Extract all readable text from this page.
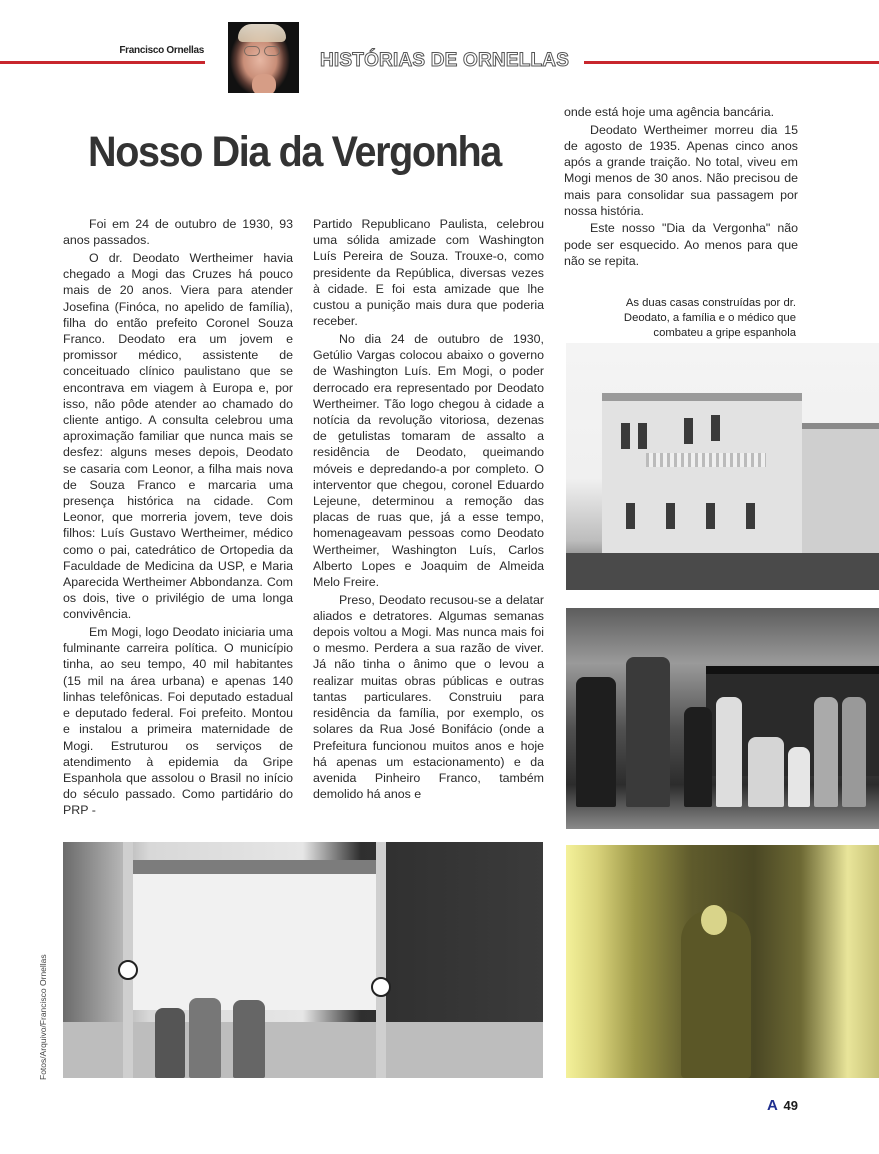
Francisco Ornellas	HISTÓRIAS DE ORNELLAS
Nosso Dia da Vergonha

Foi em 24 de outubro de 1930, 93 anos passados.

O dr. Deodato Wertheimer havia chegado a Mogi das Cruzes há pouco mais de 20 anos. Viera para atender Josefina (Finóca, no apelido de família), filha do então prefeito Coronel Souza Franco. Deodato era um jovem e promissor médico, assistente de conceituado clínico paulistano que se encontrava em viagem à Europa e, por isso, não pôde atender ao chamado do cliente antigo. A consulta celebrou uma aproximação familiar que nunca mais se desfez: alguns meses depois, Deodato se casaria com Leonor, a filha mais nova de Souza Franco e marcaria uma presença histórica na cidade. Com Leonor, que morreria jovem, teve dois filhos: Luís Gustavo Wertheimer, médico como o pai, catedrático de Ortopedia da Faculdade de Medicina da USP, e Maria Aparecida Wertheimer Abbondanza. Com os dois, tive o privilégio de uma longa convivência.

Em Mogi, logo Deodato iniciaria uma fulminante carreira política. O município tinha, ao seu tempo, 40 mil habitantes (15 mil na área urbana) e apenas 140 linhas telefônicas. Foi deputado estadual e deputado federal. Foi prefeito. Montou e instalou a primeira maternidade de Mogi. Estruturou os serviços de atendimento à epidemia da Gripe Espanhola que assolou o Brasil no início do século passado. Como partidário do PRP -

Partido Republicano Paulista, celebrou uma sólida amizade com Washington Luís Pereira de Souza. Trouxe-o, como presidente da República, diversas vezes à cidade. E foi esta amizade que lhe custou a punição mais dura que poderia receber.

No dia 24 de outubro de 1930, Getúlio Vargas colocou abaixo o governo de Washington Luís. Em Mogi, o poder derrocado era representado por Deodato Wertheimer. Tão logo chegou à cidade a notícia da revolução vitoriosa, dezenas de getulistas tomaram de assalto a residência de Deodato, queimando móveis e depredando-a por completo. O interventor que chegou, coronel Eduardo Lejeune, determinou a remoção das placas de ruas que, já a esse tempo, homenageavam pessoas como Deodato Wertheimer, Washington Luís, Carlos Alberto Lopes e Joaquim de Almeida Melo Freire.

Preso, Deodato recusou-se a delatar aliados e detratores. Algumas semanas depois voltou a Mogi. Mas nunca mais foi o mesmo. Perdera a sua razão de viver. Já não tinha o ânimo que o levou a realizar muitas obras públicas e outras tantas particulares. Construiu para residência da família, por exemplo, os solares da Rua José Bonifácio (onde a Prefeitura funcionou muitos anos e hoje há apenas um estacionamento) e da avenida Pinheiro Franco, também demolido há anos e

onde está hoje uma agência bancária.

Deodato Wertheimer morreu dia 15 de agosto de 1935. Apenas cinco anos após a grande traição. No total, viveu em Mogi menos de 30 anos. Não precisou de mais para consolidar sua passagem por nossa história.

Este nosso "Dia da Vergonha" não pode ser esquecido. Ao menos para que não se repita.

As duas casas construídas por dr. Deodato, a família e o médico que combateu a gripe espanhola
Fotos/Arquivo/Francisco Ornellas
A 49
